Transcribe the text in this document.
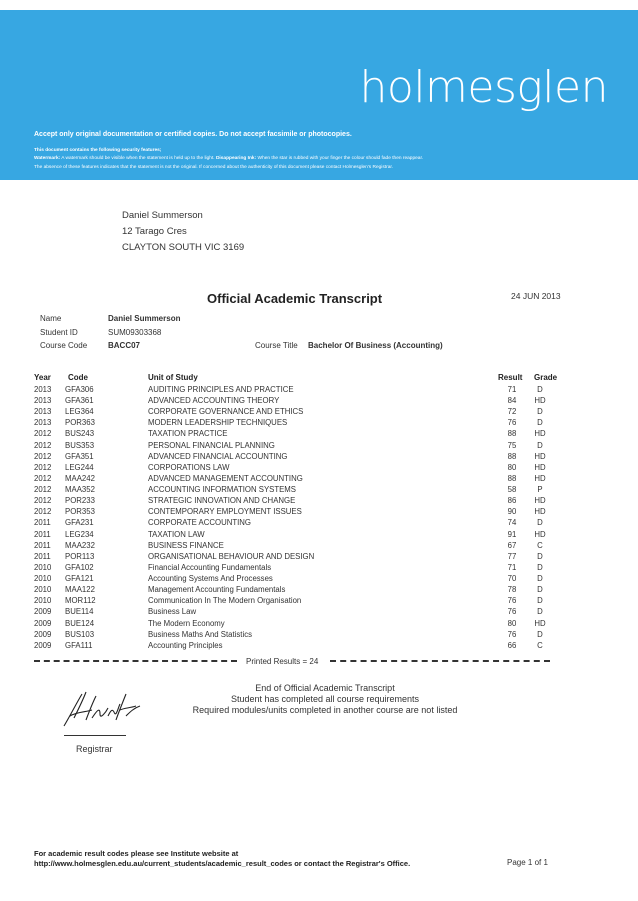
holmesglen
Accept only original documentation or certified copies. Do not accept facsimile or photocopies.
This document contains the following security features;
Watermark: A watermark should be visible when the statement is held up to the light. Disappearing Ink: When the star is rubbed with your finger the colour should fade then reappear.
The absence of these features indicates that the statement is not the original. If concerned about the authenticity of this document please contact Holmesglen's Registrar.
Daniel Summerson
12 Tarago Cres
CLAYTON SOUTH VIC 3169
Official Academic Transcript	24 JUN 2013
Name	Daniel Summerson
Student ID	SUM09303368
Course Code	BACC07	Course Title Bachelor Of Business (Accounting)
Year Code	Unit of Study	Result Grade
2013 GFA306	AUDITING PRINCIPLES AND PRACTICE	71	D
2013 GFA361	ADVANCED ACCOUNTING THEORY	84	HD
2013 LEG364	CORPORATE GOVERNANCE AND ETHICS	72	D
2013 POR363	MODERN LEADERSHIP TECHNIQUES	76	D
2012 BUS243	TAXATION PRACTICE	88	HD
2012 BUS353	PERSONAL FINANCIAL PLANNING	75	D
2012 GFA351	ADVANCED FINANCIAL ACCOUNTING	88	HD
2012 LEG244	CORPORATIONS LAW	80	HD
2012 MAA242	ADVANCED MANAGEMENT ACCOUNTING	88	HD
2012 MAA352	ACCOUNTING INFORMATION SYSTEMS	58	P
2012 POR233	STRATEGIC INNOVATION AND CHANGE	86	HD
2012 POR353	CONTEMPORARY EMPLOYMENT ISSUES	90	HD
2011 GFA231	CORPORATE ACCOUNTING	74	D
2011 LEG234	TAXATION LAW	91	HD
2011 MAA232	BUSINESS FINANCE	67	C
2011 POR113	ORGANISATIONAL BEHAVIOUR AND DESIGN	77	D
2010 GFA102	Financial Accounting Fundamentals	71	D
2010 GFA121	Accounting Systems And Processes	70	D
2010 MAA122	Management Accounting Fundamentals	78	D
2010 MOR112	Communication In The Modern Organisation	76	D
2009 BUE114	Business Law	76	D
2009 BUE124	The Modern Economy	80	HD
2009 BUS103	Business Maths And Statistics	76	D
2009 GFA111	Accounting Principles	66	C
Printed Results = 24
End of Official Academic Transcript
Student has completed all course requirements
Required modules/units completed in another course are not listed
Registrar
For academic result codes please see Institute website at
http://www.holmesglen.edu.au/current_students/academic_result_codes or contact the Registrar's Office.	Page 1 of 1
